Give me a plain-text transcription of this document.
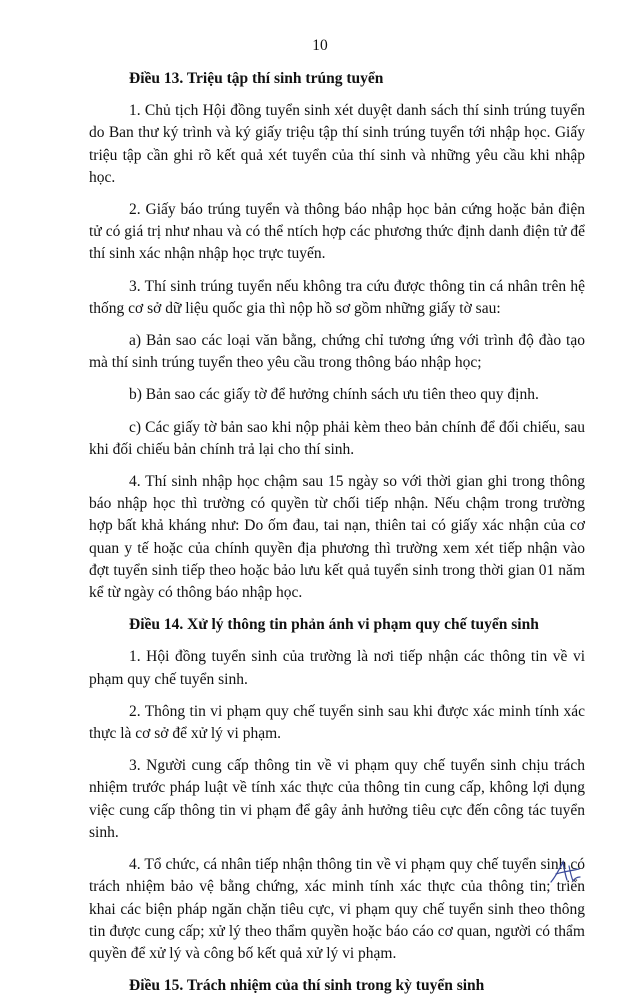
10
Điều 13. Triệu tập thí sinh trúng tuyển
1. Chủ tịch Hội đồng tuyển sinh xét duyệt danh sách thí sinh trúng tuyển do Ban thư ký trình và ký giấy triệu tập thí sinh trúng tuyển tới nhập học. Giấy triệu tập cần ghi rõ kết quả xét tuyển của thí sinh và những yêu cầu khi nhập học.
2. Giấy báo trúng tuyển và thông báo nhập học bản cứng hoặc bản điện tử có giá trị như nhau và có thể ntích hợp các phương thức định danh điện tử để thí sinh xác nhận nhập học trực tuyến.
3. Thí sinh trúng tuyển nếu không tra cứu được thông tin cá nhân trên hệ thống cơ sở dữ liệu quốc gia thì nộp hồ sơ gồm những giấy tờ sau:
a) Bản sao các loại văn bằng, chứng chỉ tương ứng với trình độ đào tạo mà thí sinh trúng tuyển theo yêu cầu trong thông báo nhập học;
b) Bản sao các giấy tờ để hưởng chính sách ưu tiên theo quy định.
c) Các giấy tờ bản sao khi nộp phải kèm theo bản chính để đối chiếu, sau khi đối chiếu bản chính trả lại cho thí sinh.
4. Thí sinh nhập học chậm sau 15 ngày so với thời gian ghi trong thông báo nhập học thì trường có quyền từ chối tiếp nhận. Nếu chậm trong trường hợp bất khả kháng như: Do ốm đau, tai nạn, thiên tai có giấy xác nhận của cơ quan y tế hoặc của chính quyền địa phương thì trường xem xét tiếp nhận vào đợt tuyển sinh tiếp theo hoặc bảo lưu kết quả tuyển sinh trong thời gian 01 năm kể từ ngày có thông báo nhập học.
Điều 14. Xử lý thông tin phản ánh vi phạm quy chế tuyển sinh
1. Hội đồng tuyển sinh của trường là nơi tiếp nhận các thông tin về vi phạm quy chế tuyển sinh.
2. Thông tin vi phạm quy chế tuyển sinh sau khi được xác minh tính xác thực là cơ sở để xử lý vi phạm.
3. Người cung cấp thông tin về vi phạm quy chế tuyển sinh chịu trách nhiệm trước pháp luật về tính xác thực của thông tin cung cấp, không lợi dụng việc cung cấp thông tin vi phạm để gây ảnh hưởng tiêu cực đến công tác tuyển sinh.
4. Tổ chức, cá nhân tiếp nhận thông tin về vi phạm quy chế tuyển sinh có trách nhiệm bảo vệ bằng chứng, xác minh tính xác thực của thông tin; triển khai các biện pháp ngăn chặn tiêu cực, vi phạm quy chế tuyển sinh theo thông tin được cung cấp; xử lý theo thẩm quyền hoặc báo cáo cơ quan, người có thẩm quyền để xử lý và công bố kết quả xử lý vi phạm.
Điều 15. Trách nhiệm của thí sinh trong kỳ tuyển sinh
